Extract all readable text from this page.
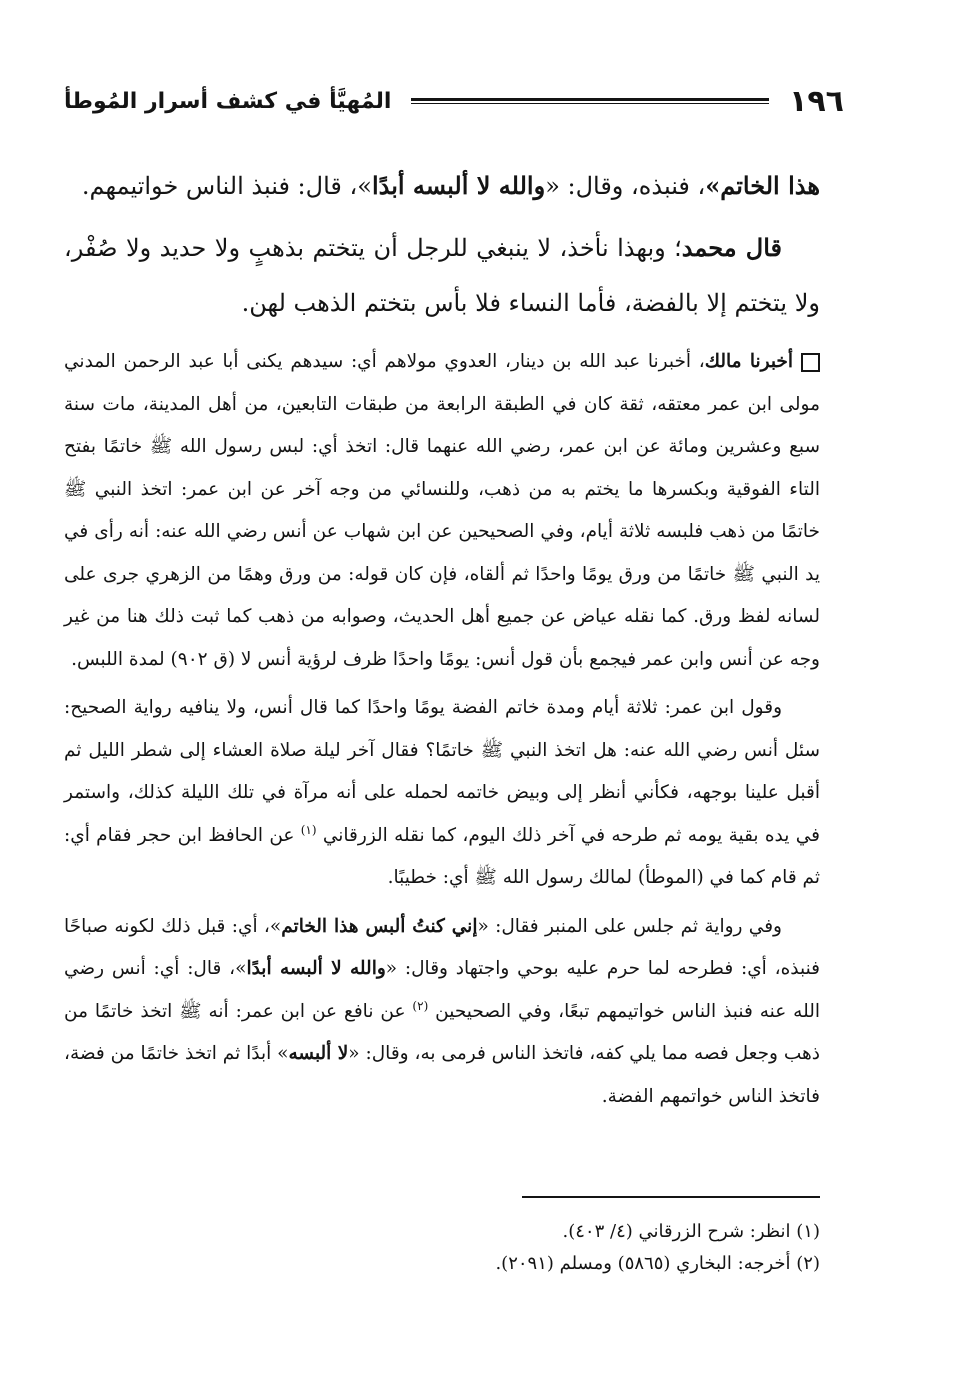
١٩٦
المُهيَّأ في كشف أسرار المُوطأ

هذا الخاتم»، فنبذه، وقال: «والله لا ألبسه أبدًا»، قال: فنبذ الناس خواتيمهم.

قال محمد؛ وبهذا نأخذ، لا ينبغي للرجل أن يتختم بذهبٍ ولا حديد ولا صُفْر، ولا يتختم إلا بالفضة، فأما النساء فلا بأس بتختم الذهب لهن.

أخبرنا مالك، أخبرنا عبد الله بن دينار، العدوي مولاهم أي: سيدهم يكنى أبا عبد الرحمن المدني مولى ابن عمر معتقه، ثقة كان في الطبقة الرابعة من طبقات التابعين، من أهل المدينة، مات سنة سبع وعشرين ومائة عن ابن عمر، رضي الله عنهما قال: اتخذ أي: لبس رسول الله ﷺ خاتمًا بفتح التاء الفوقية وبكسرها ما يختم به من ذهب، وللنسائي من وجه آخر عن ابن عمر: اتخذ النبي ﷺ خاتمًا من ذهب فلبسه ثلاثة أيام، وفي الصحيحين عن ابن شهاب عن أنس رضي الله عنه: أنه رأى في يد النبي ﷺ خاتمًا من ورق يومًا واحدًا ثم ألقاه، فإن كان قوله: من ورق وهمًا من الزهري جرى على لسانه لفظ ورق. كما نقله عياض عن جميع أهل الحديث، وصوابه من ذهب كما ثبت ذلك هنا من غير وجه عن أنس وابن عمر فيجمع بأن قول أنس: يومًا واحدًا ظرف لرؤية أنس لا (ق ٩٠٢) لمدة اللبس.

وقول ابن عمر: ثلاثة أيام ومدة خاتم الفضة يومًا واحدًا كما قال أنس، ولا ينافيه رواية الصحيح: سئل أنس رضي الله عنه: هل اتخذ النبي ﷺ خاتمًا؟ فقال آخر ليلة صلاة العشاء إلى شطر الليل ثم أقبل علينا بوجهه، فكأني أنظر إلى وبيض خاتمه لحمله على أنه مرآة في تلك الليلة كذلك، واستمر في يده بقية يومه ثم طرحه في آخر ذلك اليوم، كما نقله الزرقاني $^{(١)}$ عن الحافظ ابن حجر فقام أي: ثم قام كما في (الموطأ) لمالك رسول الله ﷺ أي: خطيبًا.

وفي رواية ثم جلس على المنبر فقال: «إني كنتُ ألبس هذا الخاتم»، أي: قبل ذلك لكونه صباحًا فنبذه، أي: فطرحه لما حرم عليه بوحي واجتهاد وقال: «والله لا ألبسه أبدًا»، قال: أي: أنس رضي الله عنه فنبذ الناس خواتيمهم تبعًا، وفي الصحيحين $^{(٢)}$ عن نافع عن ابن عمر: أنه ﷺ اتخذ خاتمًا من ذهب وجعل فصه مما يلي كفه، فاتخذ الناس فرمى به، وقال: «لا ألبسه» أبدًا ثم اتخذ خاتمًا من فضة، فاتخذ الناس خواتمهم الفضة.

(١) انظر: شرح الزرقاني (٤/ ٤٠٣).

(٢) أخرجه: البخاري (٥٨٦٥) ومسلم (٢٠٩١).
